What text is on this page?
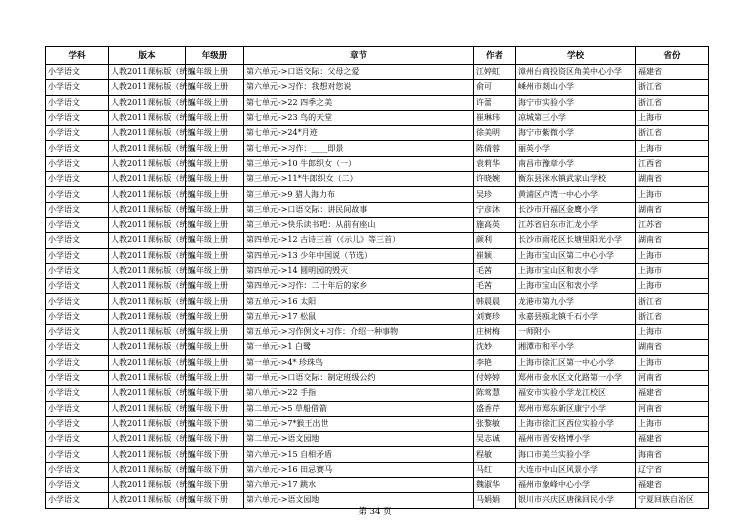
学科	版本	年级册	章节	作者	学校	省份
小学语文	人教2011课标版（统编	五年级上册	第六单元->口语交际：父母之爱	江婷虹	漳州台商投资区角美中心小学	福建省
小学语文	人教2011课标版（统编	五年级上册	第六单元->习作：我想对您说	俞可	嵊州市剡山小学	浙江省
小学语文	人教2011课标版（统编	五年级上册	第七单元->22 四季之美	许蕾	海宁市实验小学	浙江省
小学语文	人教2011课标版（统编	五年级上册	第七单元->23 鸟的天堂	崔琳玮	凉城第三小学	上海市
小学语文	人教2011课标版（统编	五年级上册	第七单元->24*月迹	徐美明	海宁市紫微小学	浙江省
小学语文	人教2011课标版（统编	五年级上册	第七单元->习作：____即景	陈倩蓉	丽英小学	上海市
小学语文	人教2011课标版（统编	五年级上册	第三单元->10 牛郎织女（一）	袁莉华	南昌市豫章小学	江西省
小学语文	人教2011课标版（统编	五年级上册	第三单元->11*牛郎织女（二）	许晓婉	衡东县洣水镇武家山学校	湖南省
小学语文	人教2011课标版（统编	五年级上册	第三单元->9 猎人海力布	吴珍	黄浦区卢湾一中心小学	上海市
小学语文	人教2011课标版（统编	五年级上册	第三单元->口语交际：讲民间故事	宁彦沐	长沙市开福区金鹰小学	湖南省
小学语文	人教2011课标版（统编	五年级上册	第三单元->快乐读书吧：从前有座山	施高英	江苏省启东市汇龙小学	江苏省
小学语文	人教2011课标版（统编	五年级上册	第四单元->12 古诗三首（《示儿》等三首）	颜利	长沙市雨花区长塘里阳光小学	湖南省
小学语文	人教2011课标版（统编	五年级上册	第四单元->13 少年中国说（节选）	崔颖	上海市宝山区第二中心小学	上海市
小学语文	人教2011课标版（统编	五年级上册	第四单元->14 圆明园的毁灭	毛茜	上海市宝山区和衷小学	上海市
小学语文	人教2011课标版（统编	五年级上册	第四单元->习作：二十年后的家乡	毛茜	上海市宝山区和衷小学	上海市
小学语文	人教2011课标版（统编	五年级上册	第五单元->16 太阳	韩晨晨	龙港市第九小学	浙江省
小学语文	人教2011课标版（统编	五年级上册	第五单元->17 松鼠	刘赛珍	永嘉县瓯北镇千石小学	浙江省
小学语文	人教2011课标版（统编	五年级上册	第五单元->习作例文+习作：介绍一种事物	庄树梅	一师附小	上海市
小学语文	人教2011课标版（统编	五年级上册	第一单元->1 白鹭	沈妙	湘潭市和平小学	湖南省
小学语文	人教2011课标版（统编	五年级上册	第一单元->4* 珍珠鸟	李艳	上海市徐汇区第一中心小学	上海市
小学语文	人教2011课标版（统编	五年级上册	第一单元->口语交际：制定班级公约	付婷婷	郑州市金水区文化路第一小学	河南省
小学语文	人教2011课标版（统编	五年级下册	第八单元->22 手指	陈莺慧	福安市实验小学龙江校区	福建省
小学语文	人教2011课标版（统编	五年级下册	第二单元->5 草船借箭	盛香芹	郑州市郑东新区康宁小学	河南省
小学语文	人教2011课标版（统编	五年级下册	第二单元->7*猴王出世	张黎敏	上海市徐汇区西位实验小学	上海市
小学语文	人教2011课标版（统编	五年级下册	第二单元->语文园地	吴志诚	福州市晋安格博小学	福建省
小学语文	人教2011课标版（统编	五年级下册	第六单元->15 自相矛盾	程敏	海口市美兰实验小学	海南省
小学语文	人教2011课标版（统编	五年级下册	第六单元->16 田忌赛马	马红	大连市中山区风景小学	辽宁省
小学语文	人教2011课标版（统编	五年级下册	第六单元->17 跳水	魏淑华	福州市象峰中心小学	福建省
小学语文	人教2011课标版（统编	五年级下册	第六单元->语文园地	马娟娟	银川市兴庆区唐徕回民小学	宁夏回族自治区
第 34 页
